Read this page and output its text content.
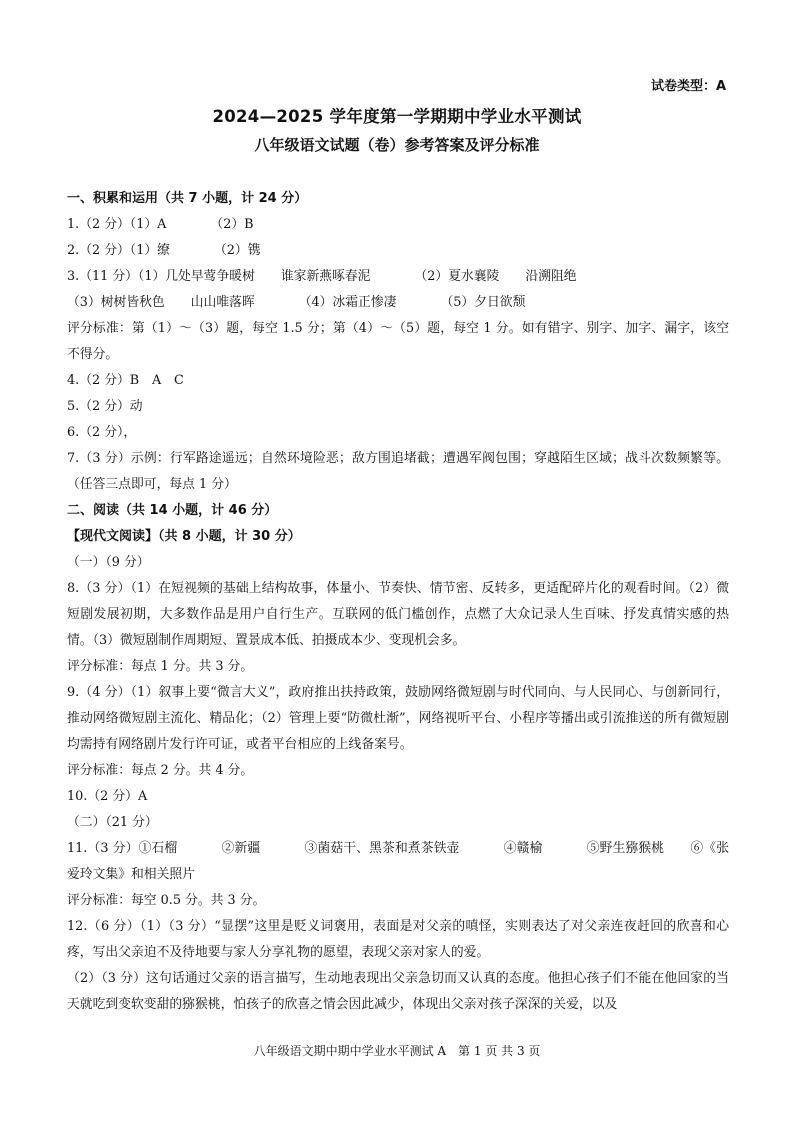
试卷类型：A
2024—2025 学年度第一学期期中学业水平测试
八年级语文试题（卷）参考答案及评分标准
一、积累和运用（共 7 小题，计 24 分）
1.（2 分）（1）A	（2）B
2.（2 分）（1）缭	（2）镌
3.（11 分）（1）几处早莺争暖树 谁家新燕啄春泥	（2）夏水襄陵 沿溯阻绝
（3）树树皆秋色 山山唯落晖	（4）冰霜正惨凄	（5）夕日欲颓
评分标准：第（1）～（3）题，每空 1.5 分；第（4）～（5）题，每空 1 分。如有错字、别字、加字、漏字，该空不得分。
4.（2 分）B　A　C
5.（2 分）动
6.（2 分），
7.（3 分）示例：行军路途遥远；自然环境险恶；敌方围追堵截；遭遇军阀包围；穿越陌生区域；战斗次数频繁等。（任答三点即可，每点 1 分）
二、阅读（共 14 小题，计 46 分）
【现代文阅读】（共 8 小题，计 30 分）
（一）（9 分）
8.（3 分）（1）在短视频的基础上结构故事，体量小、节奏快、情节密、反转多，更适配碎片化的观看时间。（2）微短剧发展初期，大多数作品是用户自行生产。互联网的低门槛创作，点燃了大众记录人生百味、抒发真情实感的热情。（3）微短剧制作周期短、置景成本低、拍摄成本少、变现机会多。
评分标准：每点 1 分。共 3 分。
9.（4 分）（1）叙事上要“微言大义”，政府推出扶持政策，鼓励网络微短剧与时代同向、与人民同心、与创新同行，推动网络微短剧主流化、精品化；（2）管理上要“防微杜渐”，网络视听平台、小程序等播出或引流推送的所有微短剧均需持有网络剧片发行许可证，或者平台相应的上线备案号。
评分标准：每点 2 分。共 4 分。
10.（2 分）A
（二）（21 分）
11.（3 分）①石榴	②新疆	③菌菇干、黑茶和煮茶铁壶	④赣榆	⑤野生猕猴桃 ⑥《张爱玲文集》和相关照片
评分标准：每空 0.5 分。共 3 分。
12.（6 分）（1）（3 分）“显摆”这里是贬义词褒用，表面是对父亲的嗔怪，实则表达了对父亲连夜赶回的欣喜和心疼，写出父亲迫不及待地要与家人分享礼物的愿望，表现父亲对家人的爱。
（2）（3 分）这句话通过父亲的语言描写，生动地表现出父亲急切而又认真的态度。他担心孩子们不能在他回家的当天就吃到变软变甜的猕猴桃，怕孩子的欣喜之情会因此减少，体现出父亲对孩子深深的关爱，以及
八年级语文期中期中学业水平测试 A　第 1 页 共 3 页
